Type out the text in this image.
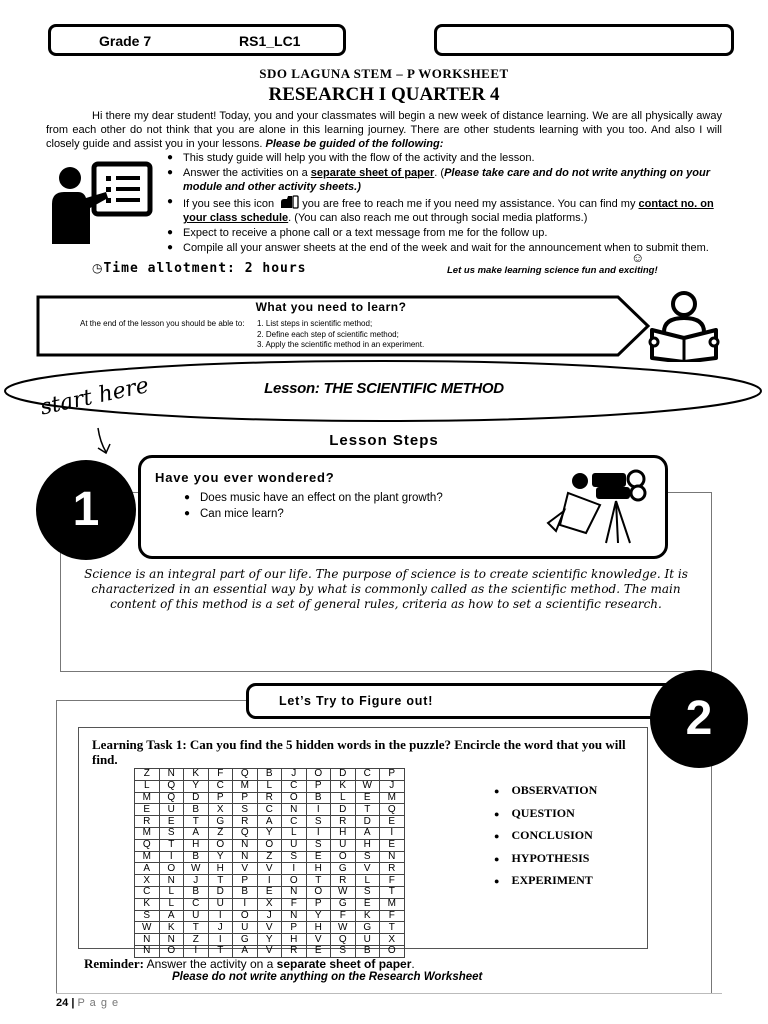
Grade 7	RS1_LC1
SDO LAGUNA STEM – P WORKSHEET
RESEARCH I QUARTER 4
Hi there my dear student! Today, you and your classmates will begin a new week of distance learning. We are all physically away from each other do not think that you are alone in this learning journey. There are other students learning with you too. And also I will closely guide and assist you in your lessons. Please be guided of the following:
● This study guide will help you with the flow of the activity and the lesson.
● Answer the activities on a separate sheet of paper. (Please take care and do not write anything on your module and other activity sheets.)
● If you see this icon	you are free to reach me if you need my assistance. You can find my contact no. on your class schedule. (You can also reach me out through social media platforms.)
● Expect to receive a phone call or a text message from me for the follow up.
● Compile all your answer sheets at the end of the week and wait for the announcement when to submit them.
☺
◷Time allotment: 2 hours	Let us make learning science fun and exciting!
What you need to learn?
At the end of the lesson you should be able to: 1. List steps in scientific method;
2. Define each step of scientific method;
3. Apply the scientific method in an experiment.
Lesson: THE SCIENTIFIC METHOD
start here
Lesson Steps
1
Have you ever wondered?
● Does music have an effect on the plant growth?
● Can mice learn?
Science is an integral part of our life. The purpose of science is to create scientific knowledge. It is characterized in an essential way by what is commonly called as the scientific method. The main content of this method is a set of general rules, criteria as how to set a scientific research.
Let’s Try to Figure out!	2
Learning Task 1: Can you find the 5 hidden words in the puzzle? Encircle the word that you will find.
Z	N	K	F	Q	B	J	O	D	C	P
L	Q	Y	C	M	L	C	P	K	W	J
M	Q	D	P	P	R	O	B	L	E	M
E	U	B	X	S	C	N	I	D	T	Q
R	E	T	G	R	A	C	S	R	D	E
M	S	A	Z	Q	Y	L	I	H	A	I
Q	T	H	O	N	O	U	S	U	H	E
M	I	B	Y	N	Z	S	E	O	S	N
A	O	W	H	V	V	I	H	G	V	R
X	N	J	T	P	I	O	T	R	L	F
C	L	B	D	B	E	N	O	W	S	T
K	L	C	U	I	X	F	P	G	E	M
S	A	U	I	O	J	N	Y	F	K	F
W	K	T	J	U	V	P	H	W	G	T
N	N	Z	I	G	Y	H	V	Q	U	X
N	O	I	T	A	V	R	E	S	B	O
● OBSERVATION
● QUESTION
● CONCLUSION
● HYPOTHESIS
● EXPERIMENT
Reminder: Answer the activity on a separate sheet of paper.
Please do not write anything on the Research Worksheet
24 | P a g e
